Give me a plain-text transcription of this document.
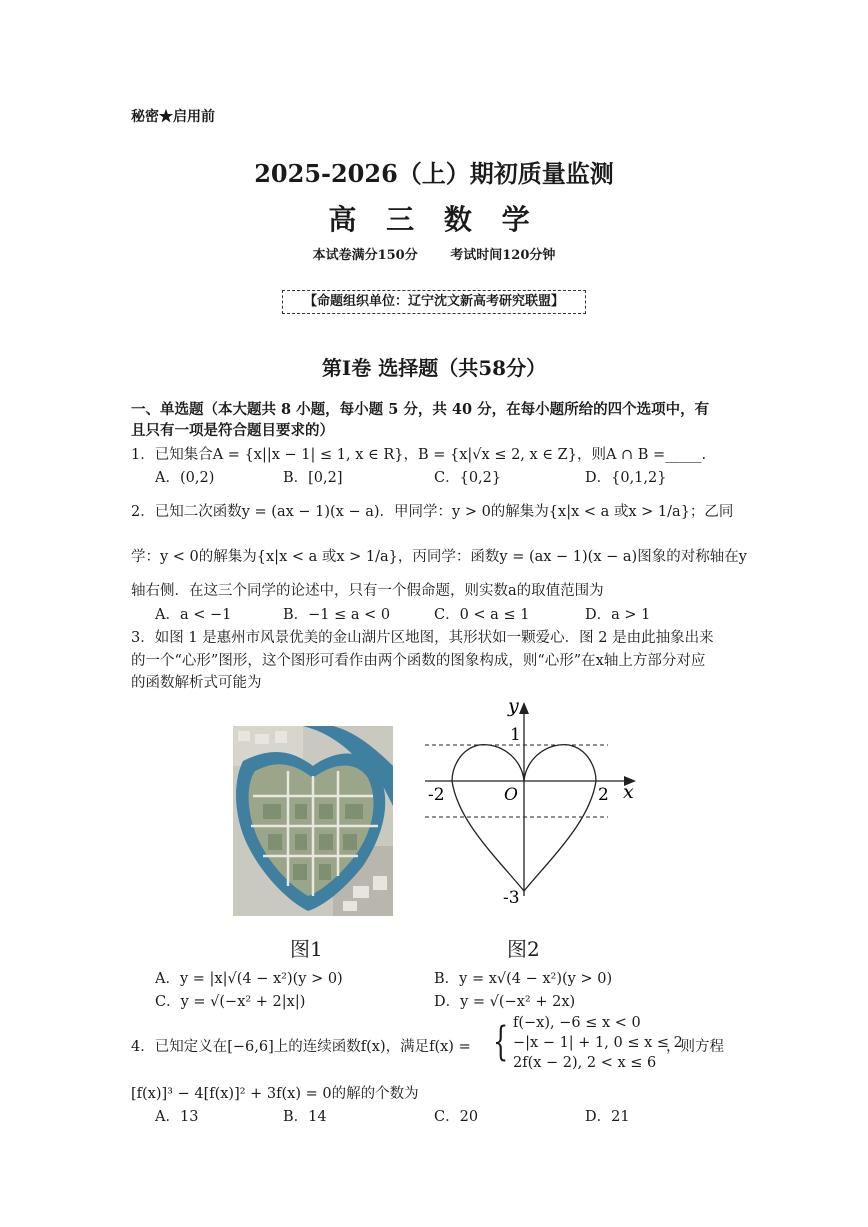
秘密★启用前
2025-2026（上）期初质量监测
高 三 数 学
本试卷满分150分 考试时间120分钟
【命题组织单位：辽宁沈文新高考研究联盟】
第Ⅰ卷 选择题（共58分）
一、单选题（本大题共 8 小题，每小题 5 分，共 40 分，在每小题所给的四个选项中，有
且只有一项是符合题目要求的）
1．已知集合A = {x||x − 1| ≤ 1, x ∈ R}，B = {x|√x ≤ 2, x ∈ Z}，则A ∩ B =_____.
A．(0,2)	B．[0,2]	C．{0,2}	D．{0,1,2}
2．已知二次函数y = (ax − 1)(x − a)．甲同学：y > 0的解集为{x|x < a 或x > 1/a}；乙同
学：y < 0的解集为{x|x < a 或x > 1/a}，丙同学：函数y = (ax − 1)(x − a)图象的对称轴在y
轴右侧．在这三个同学的论述中，只有一个假命题，则实数a的取值范围为
A．a < −1	B．−1 ≤ a < 0	C．0 < a ≤ 1	D．a > 1
3．如图 1 是惠州市风景优美的金山湖片区地图，其形状如一颗爱心．图 2 是由此抽象出来
的一个“心形”图形，这个图形可看作由两个函数的图象构成，则“心形”在x轴上方部分对应
的函数解析式可能为
y
1
-2	O	2 x
-3
图1	图2
A．y = |x|√(4 − x²)(y > 0)	B．y = x√(4 − x²)(y > 0)
C．y = √(−x² + 2|x|)	D．y = √(−x² + 2x)
4．已知定义在[−6,6]上的连续函数f(x)，满足f(x) = { f(−x), −6 ≤ x < 0
−|x − 1| + 1, 0 ≤ x ≤ 2
2f(x − 2), 2 < x ≤ 6
，则方程
[f(x)]³ − 4[f(x)]² + 3f(x) = 0的解的个数为
A．13	B．14	C．20	D．21
